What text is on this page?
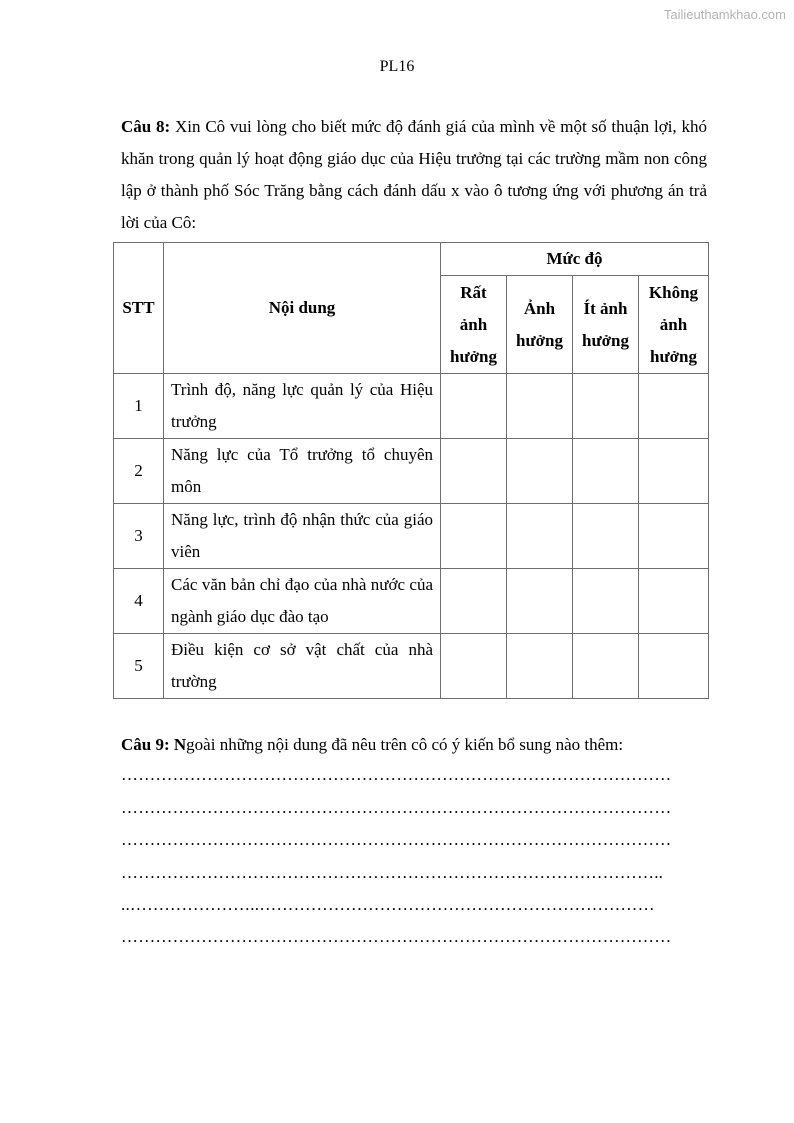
Tailieuthamkhao.com
PL16
Câu 8: Xin Cô vui lòng cho biết mức độ đánh giá của mình về một số thuận lợi, khó khăn trong quản lý hoạt động giáo dục của Hiệu trưởng tại các trường mầm non công lập ở thành phố Sóc Trăng bằng cách đánh dấu x vào ô tương ứng với phương án trả lời của Cô:
STT	Nội dung	Mức độ			
		Rất ảnh hưởng	Ảnh hưởng	Ít ảnh hưởng	Không ảnh hưởng
1	Trình độ, năng lực quản lý của Hiệu trưởng				
2	Năng lực của Tổ trưởng tổ chuyên môn				
3	Năng lực, trình độ nhận thức của giáo viên				
4	Các văn bản chỉ đạo của nhà nước của ngành giáo dục đào tạo				
5	Điều kiện cơ sở vật chất của nhà trường				
Câu 9: Ngoài những nội dung đã nêu trên cô có ý kiến bổ sung nào thêm:
……………………………………………………………………………………
……………………………………………………………………………………
……………………………………………………………………………………
…………………………………………………………………………………..
..…………………..……………………………………………………………
……………………………………………………………………………………
